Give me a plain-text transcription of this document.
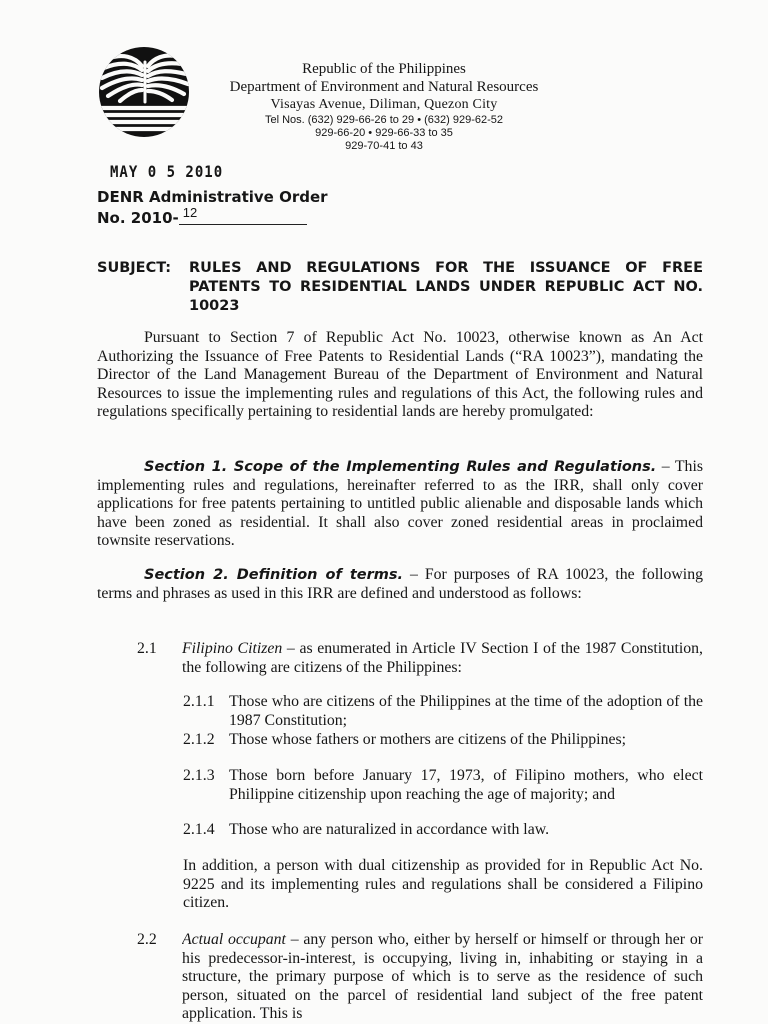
Republic of the Philippines
Department of Environment and Natural Resources
Visayas Avenue, Diliman, Quezon City
Tel Nos. (632) 929-66-26 to 29 • (632) 929-62-52
929-66-20 • 929-66-33 to 35
929-70-41 to 43
MAY 0 5 2010
DENR Administrative Order
No. 2010- 12
SUBJECT: RULES AND REGULATIONS FOR THE ISSUANCE OF FREE PATENTS TO RESIDENTIAL LANDS UNDER REPUBLIC ACT NO. 10023
Pursuant to Section 7 of Republic Act No. 10023, otherwise known as An Act Authorizing the Issuance of Free Patents to Residential Lands (“RA 10023”), mandating the Director of the Land Management Bureau of the Department of Environment and Natural Resources to issue the implementing rules and regulations of this Act, the following rules and regulations specifically pertaining to residential lands are hereby promulgated:
Section 1. Scope of the Implementing Rules and Regulations. – This implementing rules and regulations, hereinafter referred to as the IRR, shall only cover applications for free patents pertaining to untitled public alienable and disposable lands which have been zoned as residential. It shall also cover zoned residential areas in proclaimed townsite reservations.
Section 2. Definition of terms. – For purposes of RA 10023, the following terms and phrases as used in this IRR are defined and understood as follows:
2.1 Filipino Citizen – as enumerated in Article IV Section I of the 1987 Constitution, the following are citizens of the Philippines:
2.1.1 Those who are citizens of the Philippines at the time of the adoption of the 1987 Constitution;
2.1.2 Those whose fathers or mothers are citizens of the Philippines;
2.1.3 Those born before January 17, 1973, of Filipino mothers, who elect Philippine citizenship upon reaching the age of majority; and
2.1.4 Those who are naturalized in accordance with law.
In addition, a person with dual citizenship as provided for in Republic Act No. 9225 and its implementing rules and regulations shall be considered a Filipino citizen.
2.2 Actual occupant – any person who, either by herself or himself or through her or his predecessor-in-interest, is occupying, living in, inhabiting or staying in a structure, the primary purpose of which is to serve as the residence of such person, situated on the parcel of residential land subject of the free patent application. This is
